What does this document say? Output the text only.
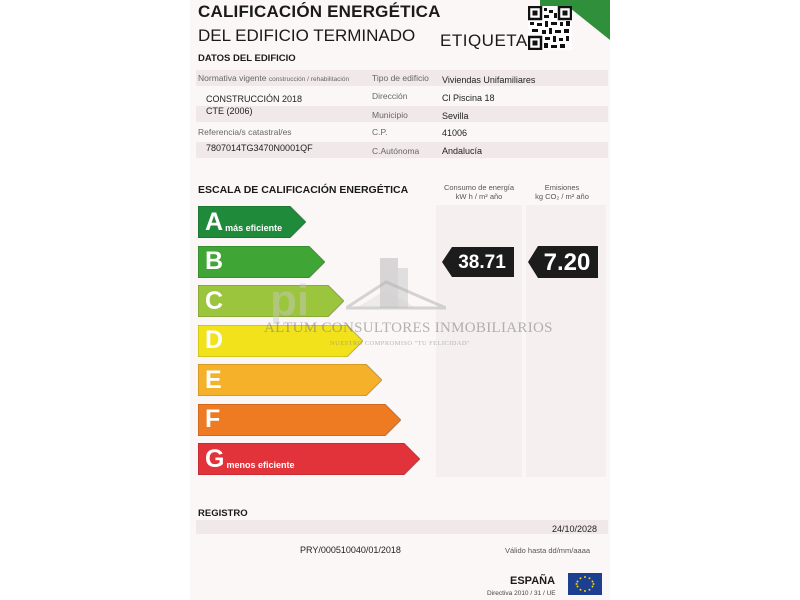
CALIFICACIÓN ENERGÉTICA
DEL EDIFICIO TERMINADO ETIQUETA
DATOS DEL EDIFICIO
Normativa vigente construcción / rehabilitación
CONSTRUCCIÓN 2018
CTE (2006)
Referencia/s catastral/es
7807014TG3470N0001QF
Tipo de edificio Viviendas Unifamiliares
Dirección	Cl Piscina 18
Municipio	Sevilla
C.P.	41006
C.Autónoma	Andalucía
ESCALA DE CALIFICACIÓN ENERGÉTICA	Consumo de energía
kW h / m² año
Emisiones
kg CO₂ / m² año
A más eficiente
B
C
D
E
F
G menos eficiente
38.71 7.20
pi
ALTUM CONSULTORES INMOBILIARIOS
NUESTRO COMPROMISO "TU FELICIDAD"
REGISTRO
24/10/2028
PRY/000510040/01/2018	Válido hasta dd/mm/aaaa
ESPAÑA
Directiva 2010 / 31 / UE
